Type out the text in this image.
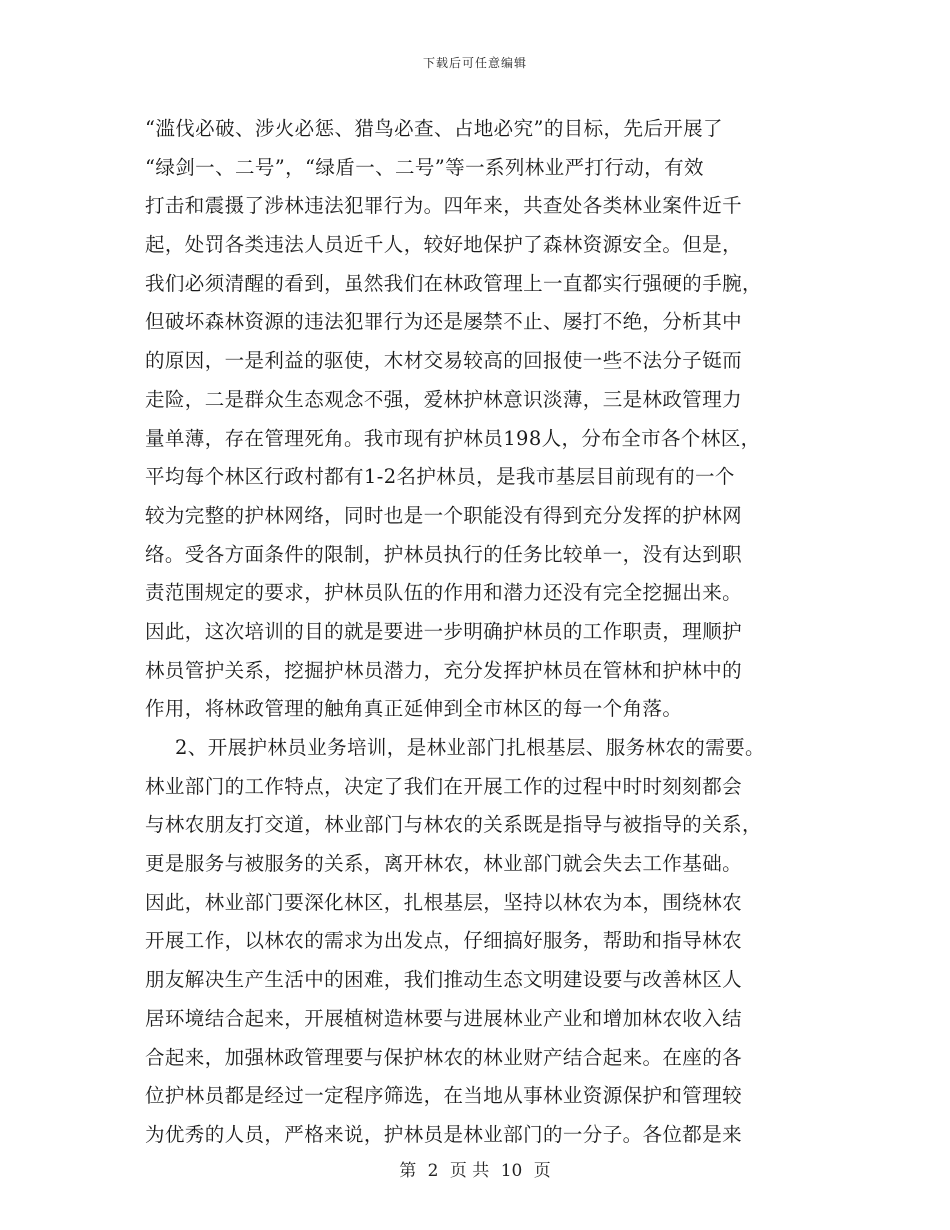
下载后可任意编辑
“滥伐必破、涉火必惩、猎鸟必查、占地必究”的目标，先后开展了
“绿剑一、二号”，“绿盾一、二号”等一系列林业严打行动，有效
打击和震摄了涉林违法犯罪行为。四年来，共查处各类林业案件近千
起，处罚各类违法人员近千人，较好地保护了森林资源安全。但是，
我们必须清醒的看到，虽然我们在林政管理上一直都实行强硬的手腕，
但破坏森林资源的违法犯罪行为还是屡禁不止、屡打不绝，分析其中
的原因，一是利益的驱使，木材交易较高的回报使一些不法分子铤而
走险，二是群众生态观念不强，爱林护林意识淡薄，三是林政管理力
量单薄，存在管理死角。我市现有护林员198人，分布全市各个林区，
平均每个林区行政村都有1-2名护林员，是我市基层目前现有的一个
较为完整的护林网络，同时也是一个职能没有得到充分发挥的护林网
络。受各方面条件的限制，护林员执行的任务比较单一，没有达到职
责范围规定的要求，护林员队伍的作用和潜力还没有完全挖掘出来。
因此，这次培训的目的就是要进一步明确护林员的工作职责，理顺护
林员管护关系，挖掘护林员潜力，充分发挥护林员在管林和护林中的
作用，将林政管理的触角真正延伸到全市林区的每一个角落。
2、开展护林员业务培训，是林业部门扎根基层、服务林农的需要。
林业部门的工作特点，决定了我们在开展工作的过程中时时刻刻都会
与林农朋友打交道，林业部门与林农的关系既是指导与被指导的关系，
更是服务与被服务的关系，离开林农，林业部门就会失去工作基础。
因此，林业部门要深化林区，扎根基层，坚持以林农为本，围绕林农
开展工作，以林农的需求为出发点，仔细搞好服务，帮助和指导林农
朋友解决生产生活中的困难，我们推动生态文明建设要与改善林区人
居环境结合起来，开展植树造林要与进展林业产业和增加林农收入结
合起来，加强林政管理要与保护林农的林业财产结合起来。在座的各
位护林员都是经过一定程序筛选，在当地从事林业资源保护和管理较
为优秀的人员，严格来说，护林员是林业部门的一分子。各位都是来
第 2 页 共 10 页
